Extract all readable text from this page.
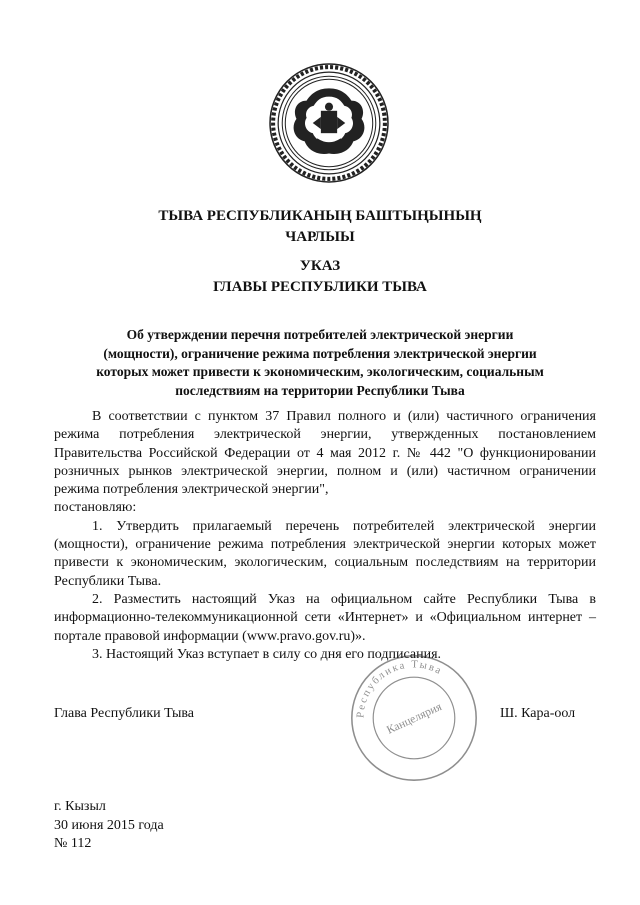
ТЫВА РЕСПУБЛИКАНЫҢ БАШТЫҢЫНЫҢ
ЧАРЛЫЫ
УКАЗ
ГЛАВЫ РЕСПУБЛИКИ ТЫВА
Об утверждении перечня потребителей электрической энергии
(мощности), ограничение режима потребления электрической энергии
которых может привести к экономическим, экологическим, социальным
последствиям на территории Республики Тыва

В соответствии с пунктом 37 Правил полного и (или) частичного ограничения режима потребления электрической энергии, утвержденных постановлением Правительства Российской Федерации от 4 мая 2012 г. № 442 "О функционировании розничных рынков электрической энергии, полном и (или) частичном ограничении режима потребления электрической энергии",

постановляю:

1. Утвердить прилагаемый перечень потребителей электрической энергии (мощности), ограничение режима потребления электрической энергии которых может привести к экономическим, экологическим, социальным последствиям на территории Республики Тыва.

2. Разместить настоящий Указ на официальном сайте Республики Тыва в информационно-телекоммуникационной сети «Интернет» и «Официальном интернет – портале правовой информации (www.pravo.gov.ru)».

3. Настоящий Указ вступает в силу со дня его подписания.

Глава Республики Тыва	Республика Тыва
Канцелярия	Ш. Кара-оол
г. Кызыл
30 июня 2015 года
№ 112
